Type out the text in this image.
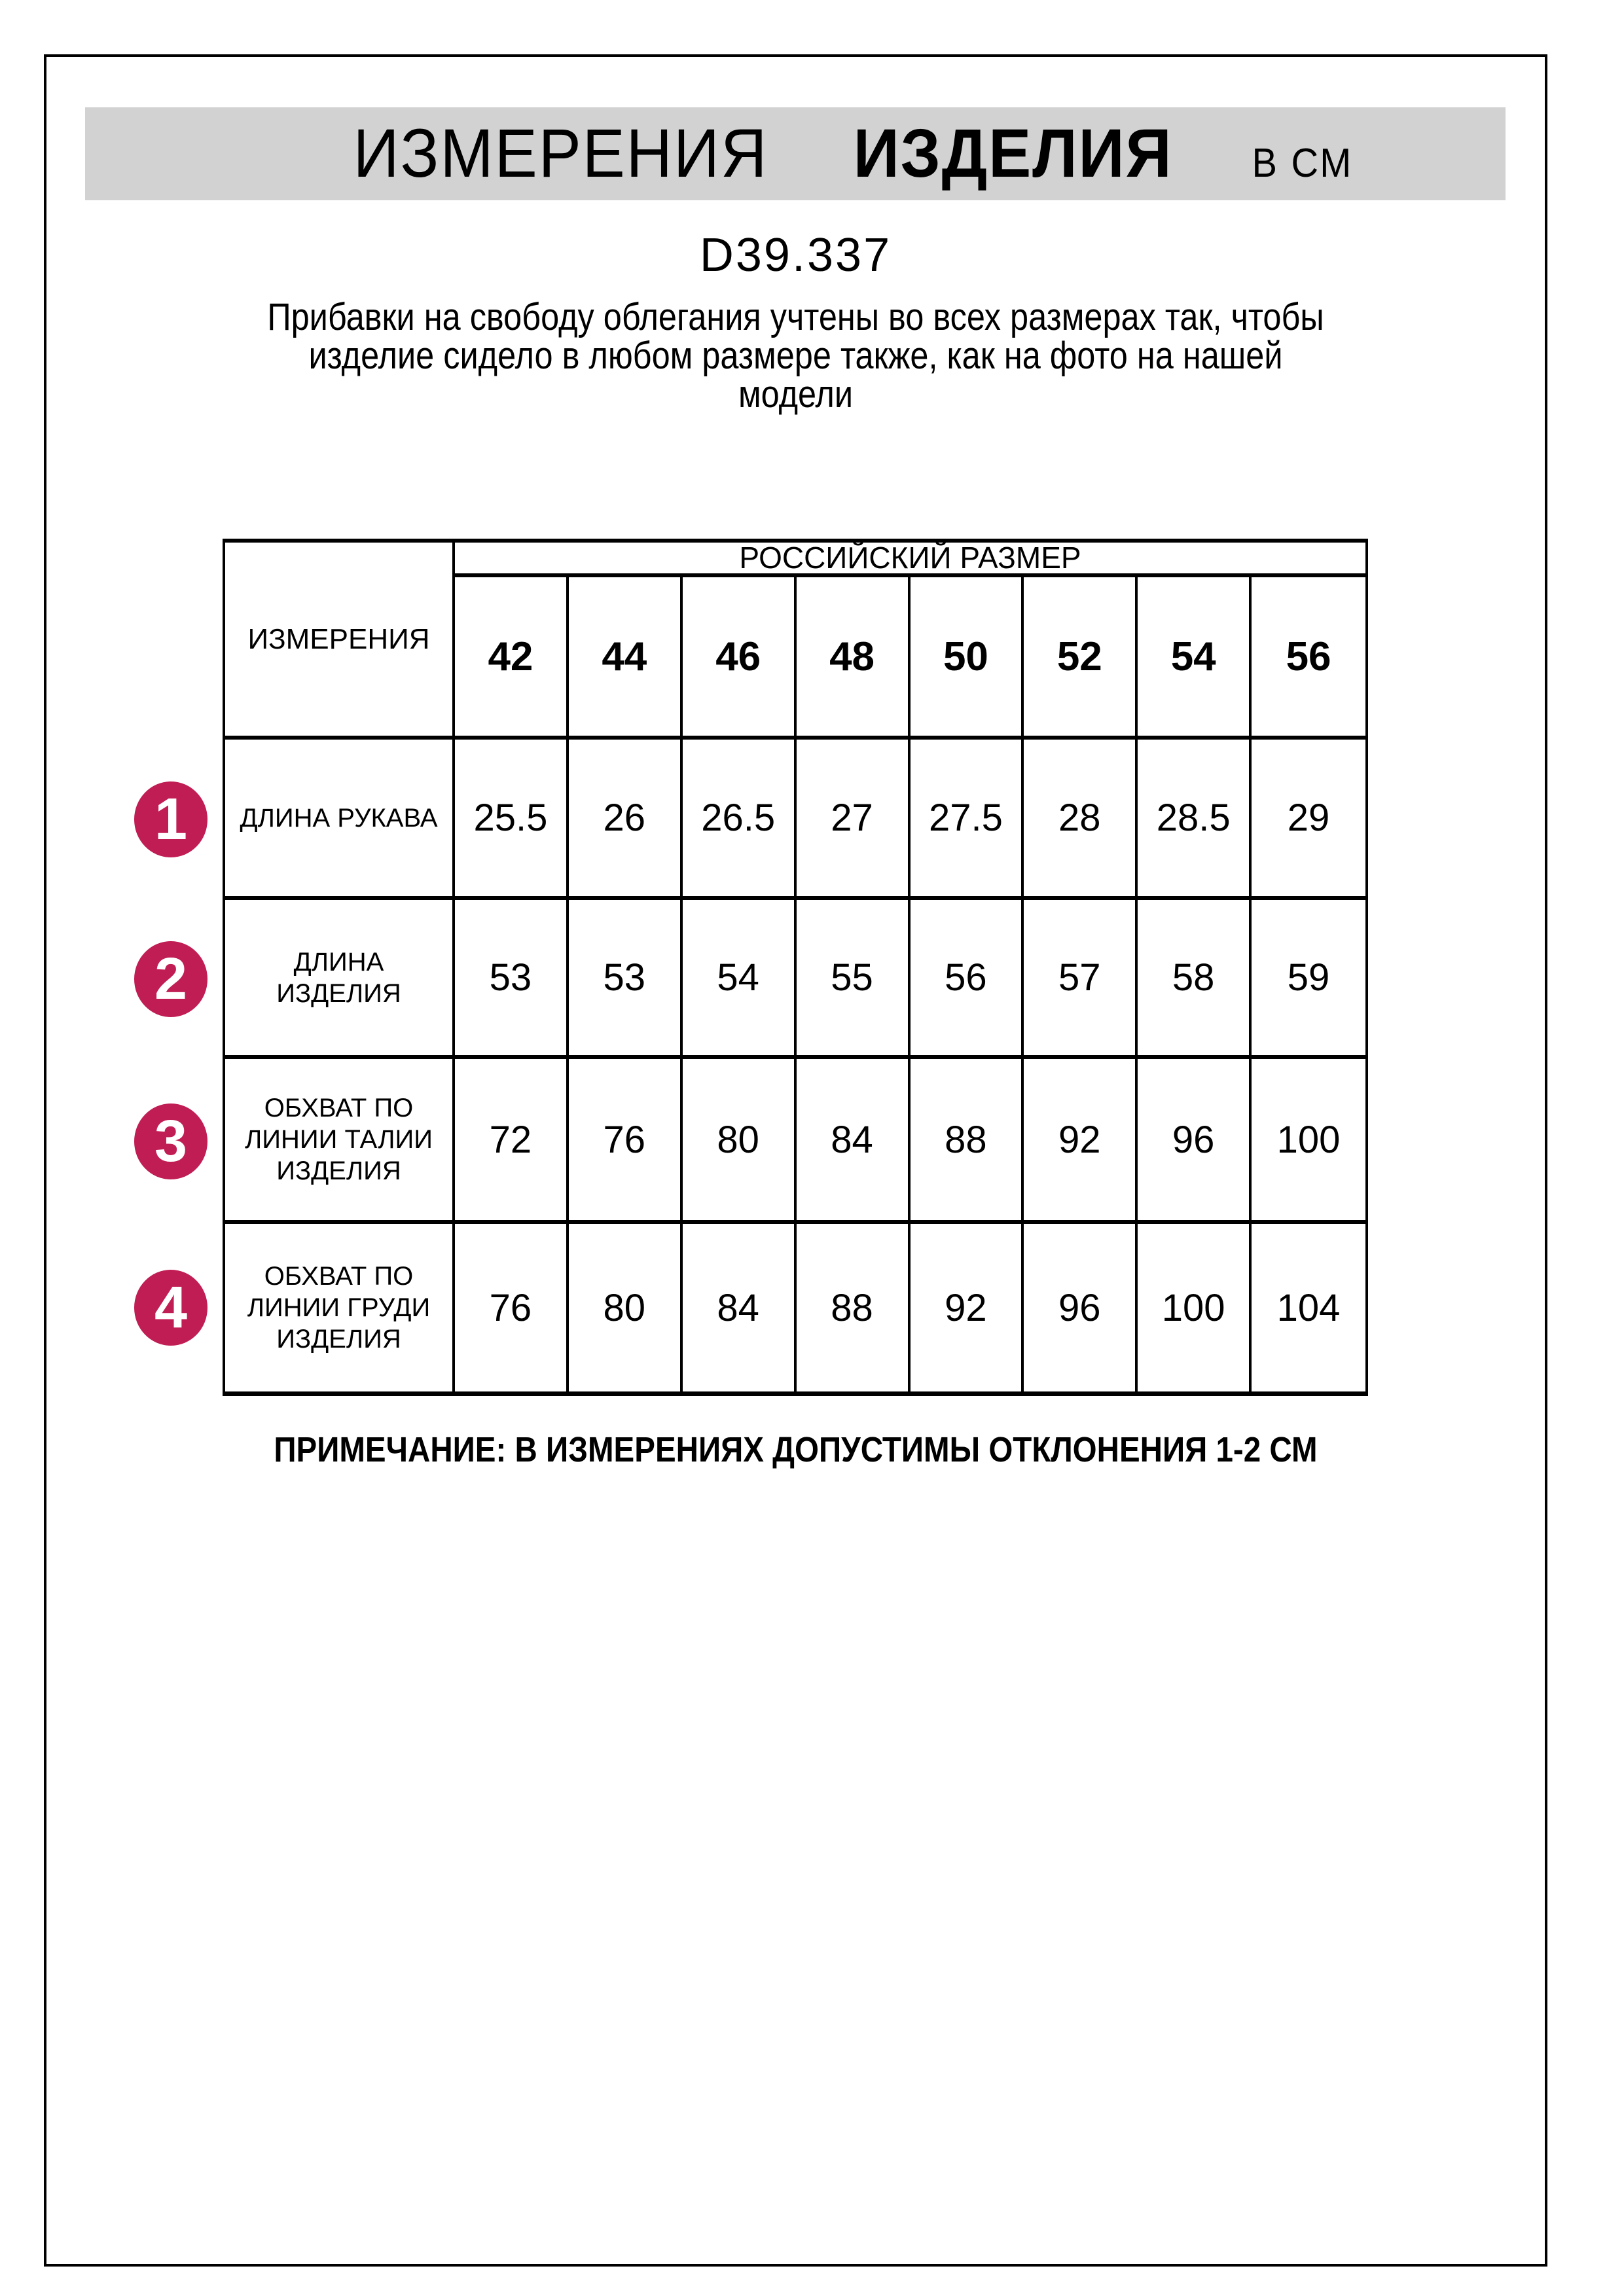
ИЗМЕРЕНИЯ ИЗДЕЛИЯ В СМ
D39.337
Прибавки на свободу облегания учтены во всех размерах так, чтобы
изделие сидело в любом размере также, как на фото на нашей
модели
ИЗМЕРЕНИЯ
РОССИЙСКИЙ РАЗМЕР
42	44	46	48	50	52	54	56
ДЛИНА РУКАВА 25.5	26	26.5	27	27.5	28	28.5	29
ДЛИНА
ИЗДЕЛИЯ	53	53	54	55	56	57	58	59
ОБХВАТ ПО
ЛИНИИ ТАЛИИ
ИЗДЕЛИЯ
72	76	80	84	88	92	96	100
ОБХВАТ ПО
ЛИНИИ ГРУДИ
ИЗДЕЛИЯ
76	80	84	88	92	96	100	104
1
2
3
4
ПРИМЕЧАНИЕ: В ИЗМЕРЕНИЯХ ДОПУСТИМЫ ОТКЛОНЕНИЯ 1-2 СМ
